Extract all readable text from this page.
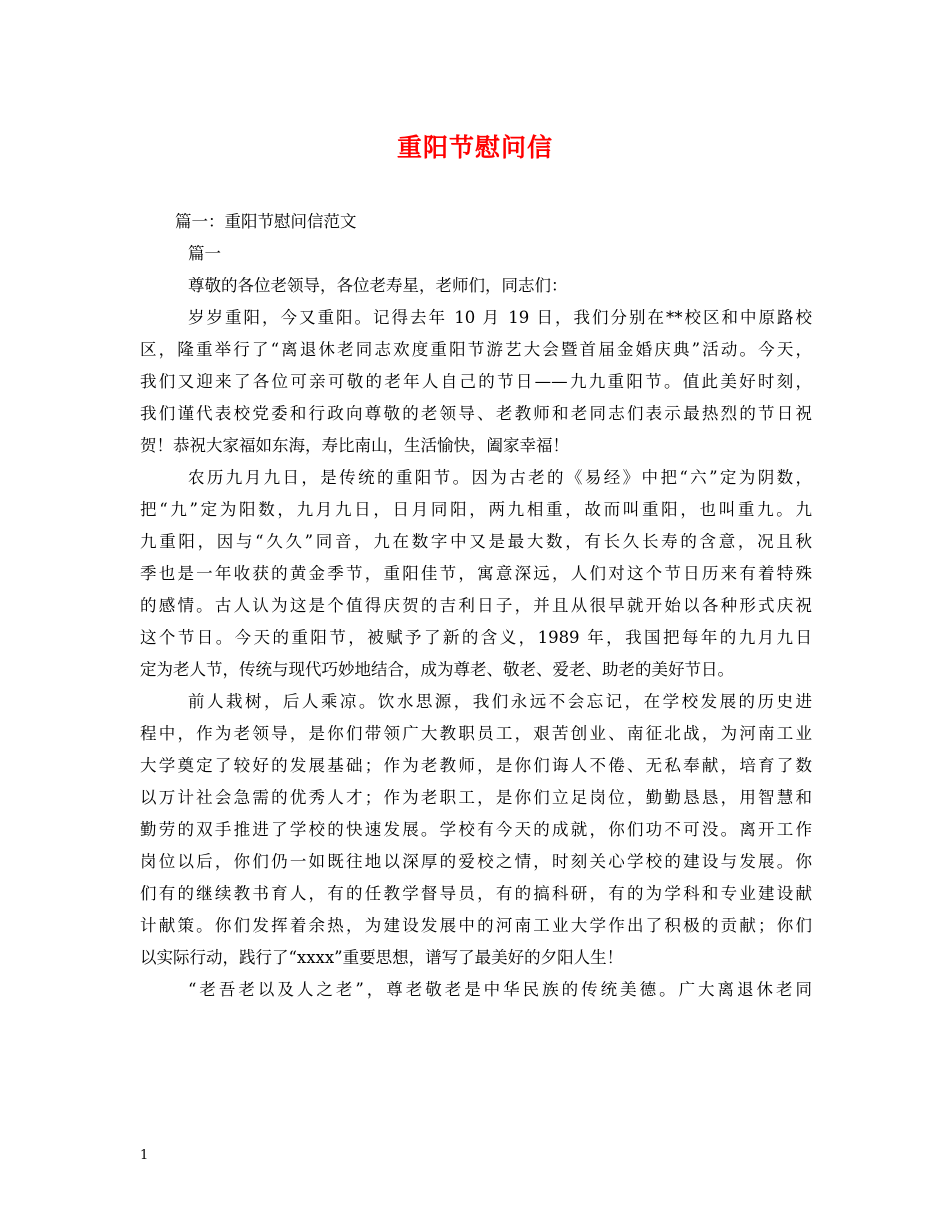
重阳节慰问信
篇一：重阳节慰问信范文
篇一
尊敬的各位老领导，各位老寿星，老师们，同志们：
岁岁重阳，今又重阳。记得去年 10 月 19 日，我们分别在**校区和中原路校
区，隆重举行了“离退休老同志欢度重阳节游艺大会暨首届金婚庆典”活动。今天，
我们又迎来了各位可亲可敬的老年人自己的节日——九九重阳节。值此美好时刻，
我们谨代表校党委和行政向尊敬的老领导、老教师和老同志们表示最热烈的节日祝
贺！恭祝大家福如东海，寿比南山，生活愉快，阖家幸福！
农历九月九日，是传统的重阳节。因为古老的《易经》中把“六”定为阴数，
把“九”定为阳数，九月九日，日月同阳，两九相重，故而叫重阳，也叫重九。九
九重阳，因与“久久”同音，九在数字中又是最大数，有长久长寿的含意，况且秋
季也是一年收获的黄金季节，重阳佳节，寓意深远，人们对这个节日历来有着特殊
的感情。古人认为这是个值得庆贺的吉利日子，并且从很早就开始以各种形式庆祝
这个节日。今天的重阳节，被赋予了新的含义，1989 年，我国把每年的九月九日
定为老人节，传统与现代巧妙地结合，成为尊老、敬老、爱老、助老的美好节日。
前人栽树，后人乘凉。饮水思源，我们永远不会忘记，在学校发展的历史进
程中，作为老领导，是你们带领广大教职员工，艰苦创业、南征北战，为河南工业
大学奠定了较好的发展基础；作为老教师，是你们诲人不倦、无私奉献，培育了数
以万计社会急需的优秀人才；作为老职工，是你们立足岗位，勤勤恳恳，用智慧和
勤劳的双手推进了学校的快速发展。学校有今天的成就，你们功不可没。离开工作
岗位以后，你们仍一如既往地以深厚的爱校之情，时刻关心学校的建设与发展。你
们有的继续教书育人，有的任教学督导员，有的搞科研，有的为学科和专业建设献
计献策。你们发挥着余热，为建设发展中的河南工业大学作出了积极的贡献；你们
以实际行动，践行了“xxxx”重要思想，谱写了最美好的夕阳人生！
“老吾老以及人之老”，尊老敬老是中华民族的传统美德。广大离退休老同
1
